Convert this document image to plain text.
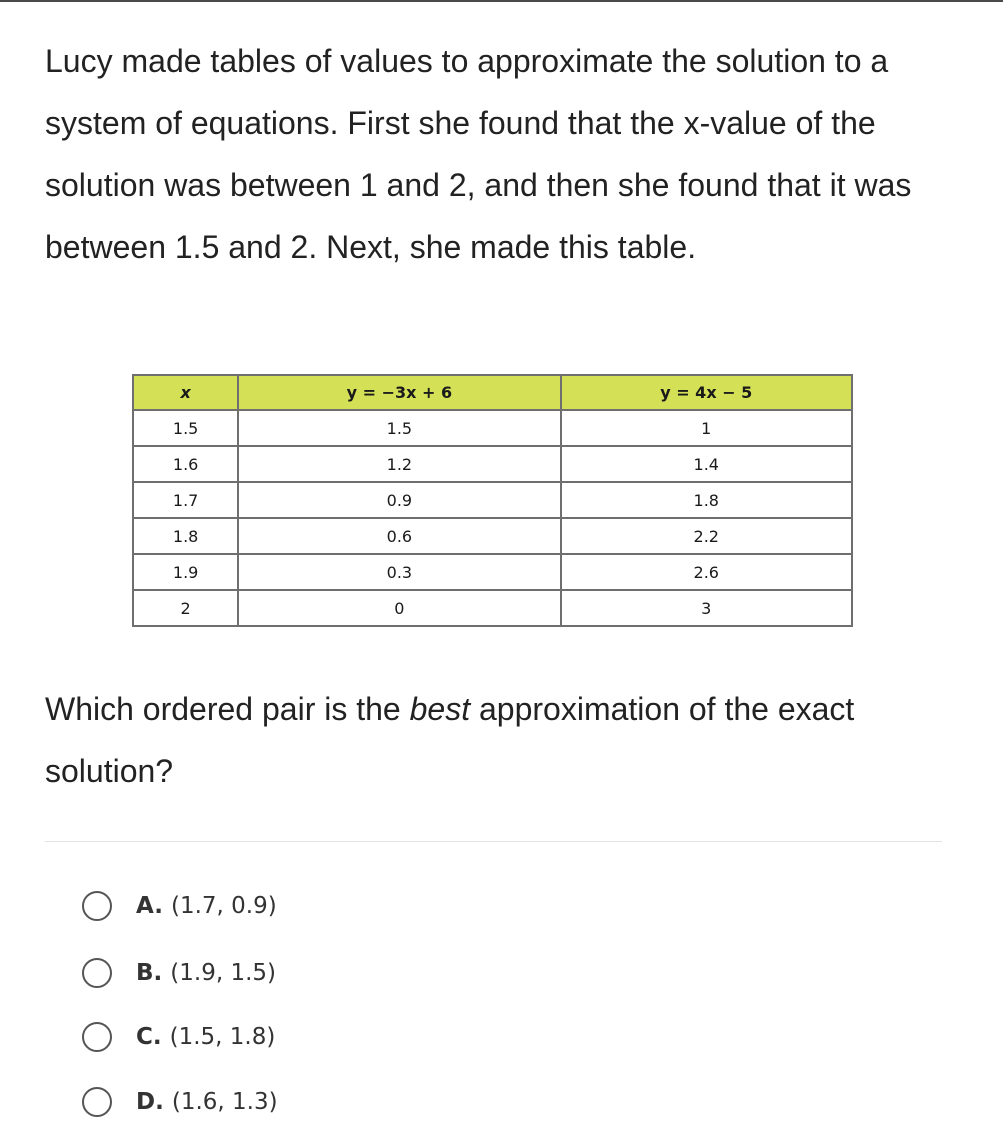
Lucy made tables of values to approximate the solution to a system of equations. First she found that the x-value of the solution was between 1 and 2, and then she found that it was between 1.5 and 2. Next, she made this table.

x	y = −3x + 6	y = 4x − 5
1.5	1.5	1
1.6	1.2	1.4
1.7	0.9	1.8
1.8	0.6	2.2
1.9	0.3	2.6
2	0	3

Which ordered pair is the best approximation of the exact solution?

A. (1.7, 0.9)
B. (1.9, 1.5)
C. (1.5, 1.8)
D. (1.6, 1.3)
